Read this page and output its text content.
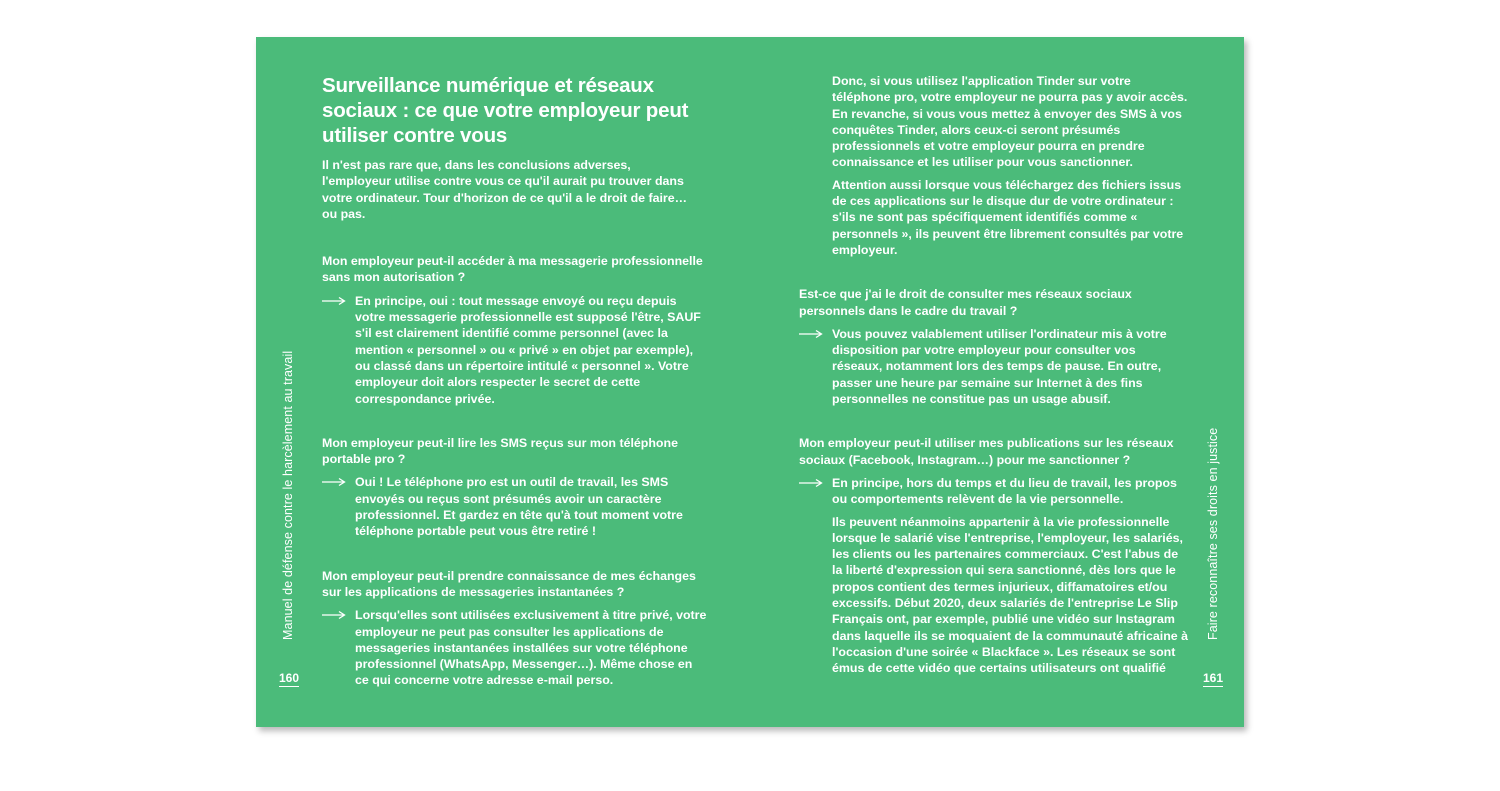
Manuel de défense contre le harcèlement au travail
160
Faire reconnaître ses droits en justice
161
Surveillance numérique et réseaux sociaux : ce que votre employeur peut utiliser contre vous

Il n'est pas rare que, dans les conclusions adverses, l'employeur utilise contre vous ce qu'il aurait pu trouver dans votre ordinateur. Tour d'horizon de ce qu'il a le droit de faire… ou pas.

Mon employeur peut-il accéder à ma messagerie professionnelle sans mon autorisation ?

En principe, oui : tout message envoyé ou reçu depuis votre messagerie professionnelle est supposé l'être, SAUF s'il est clairement identifié comme personnel (avec la mention « personnel » ou « privé » en objet par exemple), ou classé dans un répertoire intitulé « personnel ». Votre employeur doit alors respecter le secret de cette correspondance privée.

Mon employeur peut-il lire les SMS reçus sur mon téléphone portable pro ?

Oui ! Le téléphone pro est un outil de travail, les SMS envoyés ou reçus sont présumés avoir un caractère professionnel. Et gardez en tête qu'à tout moment votre téléphone portable peut vous être retiré !

Mon employeur peut-il prendre connaissance de mes échanges sur les applications de messageries instantanées ?

Lorsqu'elles sont utilisées exclusivement à titre privé, votre employeur ne peut pas consulter les applications de messageries instantanées installées sur votre téléphone professionnel (WhatsApp, Messenger…). Même chose en ce qui concerne votre adresse e-mail perso.

Donc, si vous utilisez l'application Tinder sur votre téléphone pro, votre employeur ne pourra pas y avoir accès. En revanche, si vous vous mettez à envoyer des SMS à vos conquêtes Tinder, alors ceux-ci seront présumés professionnels et votre employeur pourra en prendre connaissance et les utiliser pour vous sanctionner.

Attention aussi lorsque vous téléchargez des fichiers issus de ces applications sur le disque dur de votre ordinateur : s'ils ne sont pas spécifiquement identifiés comme « personnels », ils peuvent être librement consultés par votre employeur.

Est-ce que j'ai le droit de consulter mes réseaux sociaux personnels dans le cadre du travail ?

Vous pouvez valablement utiliser l'ordinateur mis à votre disposition par votre employeur pour consulter vos réseaux, notamment lors des temps de pause. En outre, passer une heure par semaine sur Internet à des fins personnelles ne constitue pas un usage abusif.

Mon employeur peut-il utiliser mes publications sur les réseaux sociaux (Facebook, Instagram…) pour me sanctionner ?

En principe, hors du temps et du lieu de travail, les propos ou comportements relèvent de la vie personnelle.

Ils peuvent néanmoins appartenir à la vie professionnelle lorsque le salarié vise l'entreprise, l'employeur, les salariés, les clients ou les partenaires commerciaux. C'est l'abus de la liberté d'expression qui sera sanctionné, dès lors que le propos contient des termes injurieux, diffamatoires et/ou excessifs. Début 2020, deux salariés de l'entreprise Le Slip Français ont, par exemple, publié une vidéo sur Instagram dans laquelle ils se moquaient de la communauté africaine à l'occasion d'une soirée « Blackface ». Les réseaux se sont émus de cette vidéo que certains utilisateurs ont qualifié
